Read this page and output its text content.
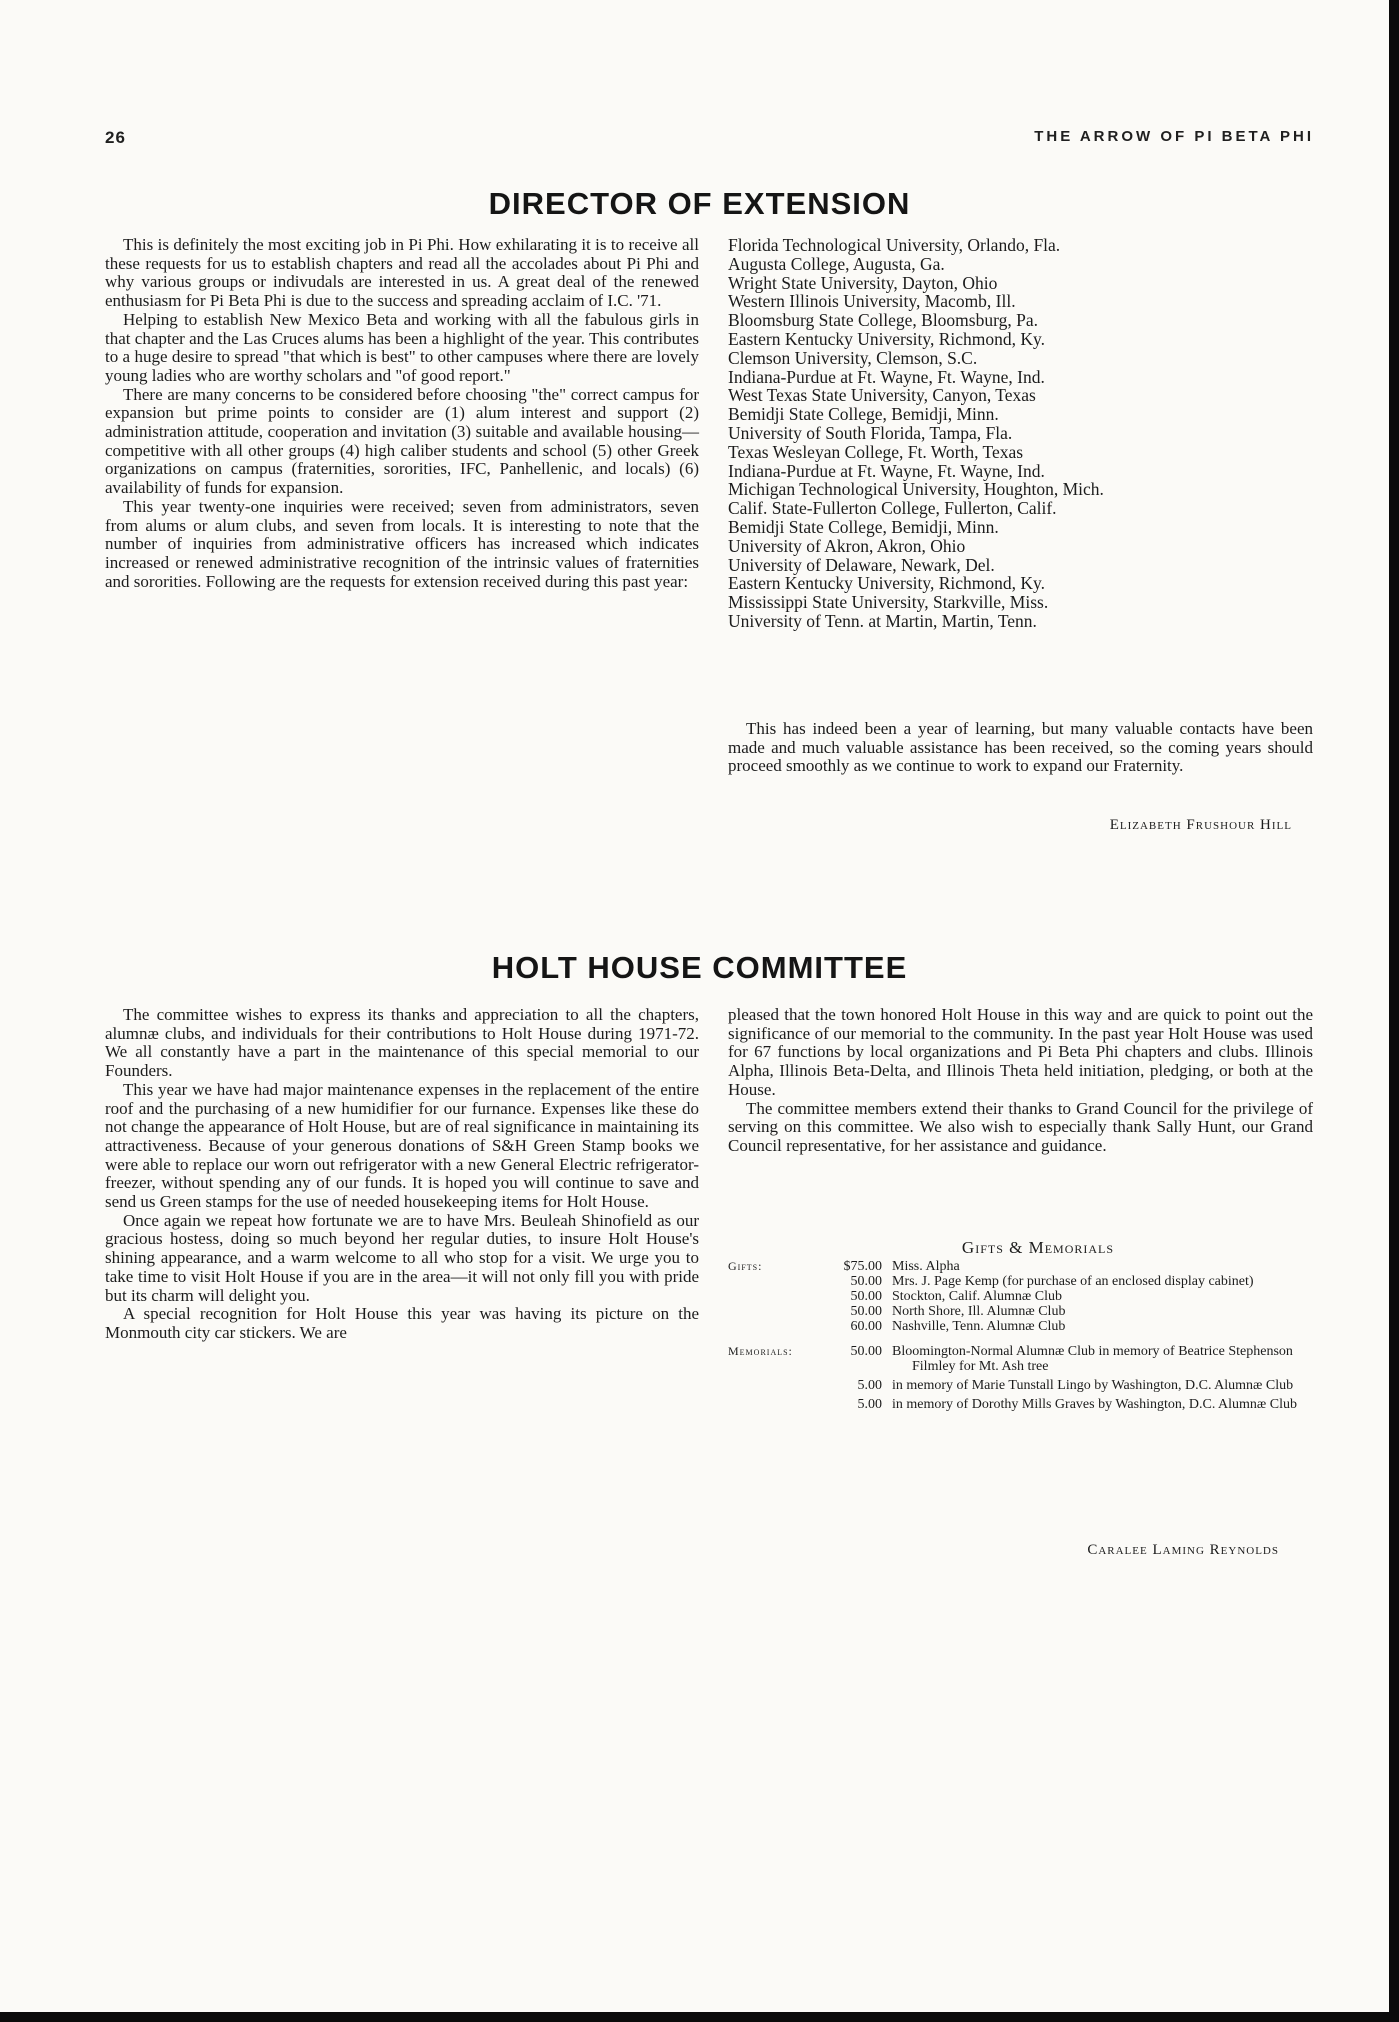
26	THE ARROW OF PI BETA PHI
DIRECTOR OF EXTENSION

This is definitely the most exciting job in Pi Phi. How exhilarating it is to receive all these requests for us to establish chapters and read all the accolades about Pi Phi and why various groups or indivudals are interested in us. A great deal of the renewed enthusiasm for Pi Beta Phi is due to the success and spreading acclaim of I.C. '71.

Helping to establish New Mexico Beta and working with all the fabulous girls in that chapter and the Las Cruces alums has been a highlight of the year. This contributes to a huge desire to spread "that which is best" to other campuses where there are lovely young ladies who are worthy scholars and "of good report."

There are many concerns to be considered before choosing "the" correct campus for expansion but prime points to consider are (1) alum interest and support (2) administration attitude, cooperation and invitation (3) suitable and available housing—competitive with all other groups (4) high caliber students and school (5) other Greek organizations on campus (fraternities, sororities, IFC, Panhellenic, and locals) (6) availability of funds for expansion.

This year twenty-one inquiries were received; seven from administrators, seven from alums or alum clubs, and seven from locals. It is interesting to note that the number of inquiries from administrative officers has increased which indicates increased or renewed administrative recognition of the intrinsic values of fraternities and sororities. Following are the requests for extension received during this past year:

Florida Technological University, Orlando, Fla.
Augusta College, Augusta, Ga.
Wright State University, Dayton, Ohio
Western Illinois University, Macomb, Ill.
Bloomsburg State College, Bloomsburg, Pa.
Eastern Kentucky University, Richmond, Ky.
Clemson University, Clemson, S.C.
Indiana-Purdue at Ft. Wayne, Ft. Wayne, Ind.
West Texas State University, Canyon, Texas
Bemidji State College, Bemidji, Minn.
University of South Florida, Tampa, Fla.
Texas Wesleyan College, Ft. Worth, Texas
Indiana-Purdue at Ft. Wayne, Ft. Wayne, Ind.
Michigan Technological University, Houghton, Mich.
Calif. State-Fullerton College, Fullerton, Calif.
Bemidji State College, Bemidji, Minn.
University of Akron, Akron, Ohio
University of Delaware, Newark, Del.
Eastern Kentucky University, Richmond, Ky.
Mississippi State University, Starkville, Miss.
University of Tenn. at Martin, Martin, Tenn.

This has indeed been a year of learning, but many valuable contacts have been made and much valuable assistance has been received, so the coming years should proceed smoothly as we continue to work to expand our Fraternity.

Elizabeth Frushour Hill
HOLT HOUSE COMMITTEE

The committee wishes to express its thanks and appreciation to all the chapters, alumnæ clubs, and individuals for their contributions to Holt House during 1971-72. We all constantly have a part in the maintenance of this special memorial to our Founders.

This year we have had major maintenance expenses in the replacement of the entire roof and the purchasing of a new humidifier for our furnance. Expenses like these do not change the appearance of Holt House, but are of real significance in maintaining its attractiveness. Because of your generous donations of S&H Green Stamp books we were able to replace our worn out refrigerator with a new General Electric refrigerator-freezer, without spending any of our funds. It is hoped you will continue to save and send us Green stamps for the use of needed housekeeping items for Holt House.

Once again we repeat how fortunate we are to have Mrs. Beuleah Shinofield as our gracious hostess, doing so much beyond her regular duties, to insure Holt House's shining appearance, and a warm welcome to all who stop for a visit. We urge you to take time to visit Holt House if you are in the area—it will not only fill you with pride but its charm will delight you.

A special recognition for Holt House this year was having its picture on the Monmouth city car stickers. We are

pleased that the town honored Holt House in this way and are quick to point out the significance of our memorial to the community. In the past year Holt House was used for 67 functions by local organizations and Pi Beta Phi chapters and clubs. Illinois Alpha, Illinois Beta-Delta, and Illinois Theta held initiation, pledging, or both at the House.

The committee members extend their thanks to Grand Council for the privilege of serving on this committee. We also wish to especially thank Sally Hunt, our Grand Council representative, for her assistance and guidance.

Gifts & Memorials
Gifts:	$75.00 Miss. Alpha
50.00 Mrs. J. Page Kemp (for purchase of an enclosed display cabinet)
50.00 Stockton, Calif. Alumnæ Club
50.00 North Shore, Ill. Alumnæ Club
60.00 Nashville, Tenn. Alumnæ Club
Memorials:	50.00 Bloomington-Normal Alumnæ Club in memory of Beatrice Stephenson Filmley for Mt. Ash tree
5.00 in memory of Marie Tunstall Lingo by Washington, D.C. Alumnæ Club
5.00 in memory of Dorothy Mills Graves by Washington, D.C. Alumnæ Club
Caralee Laming Reynolds
